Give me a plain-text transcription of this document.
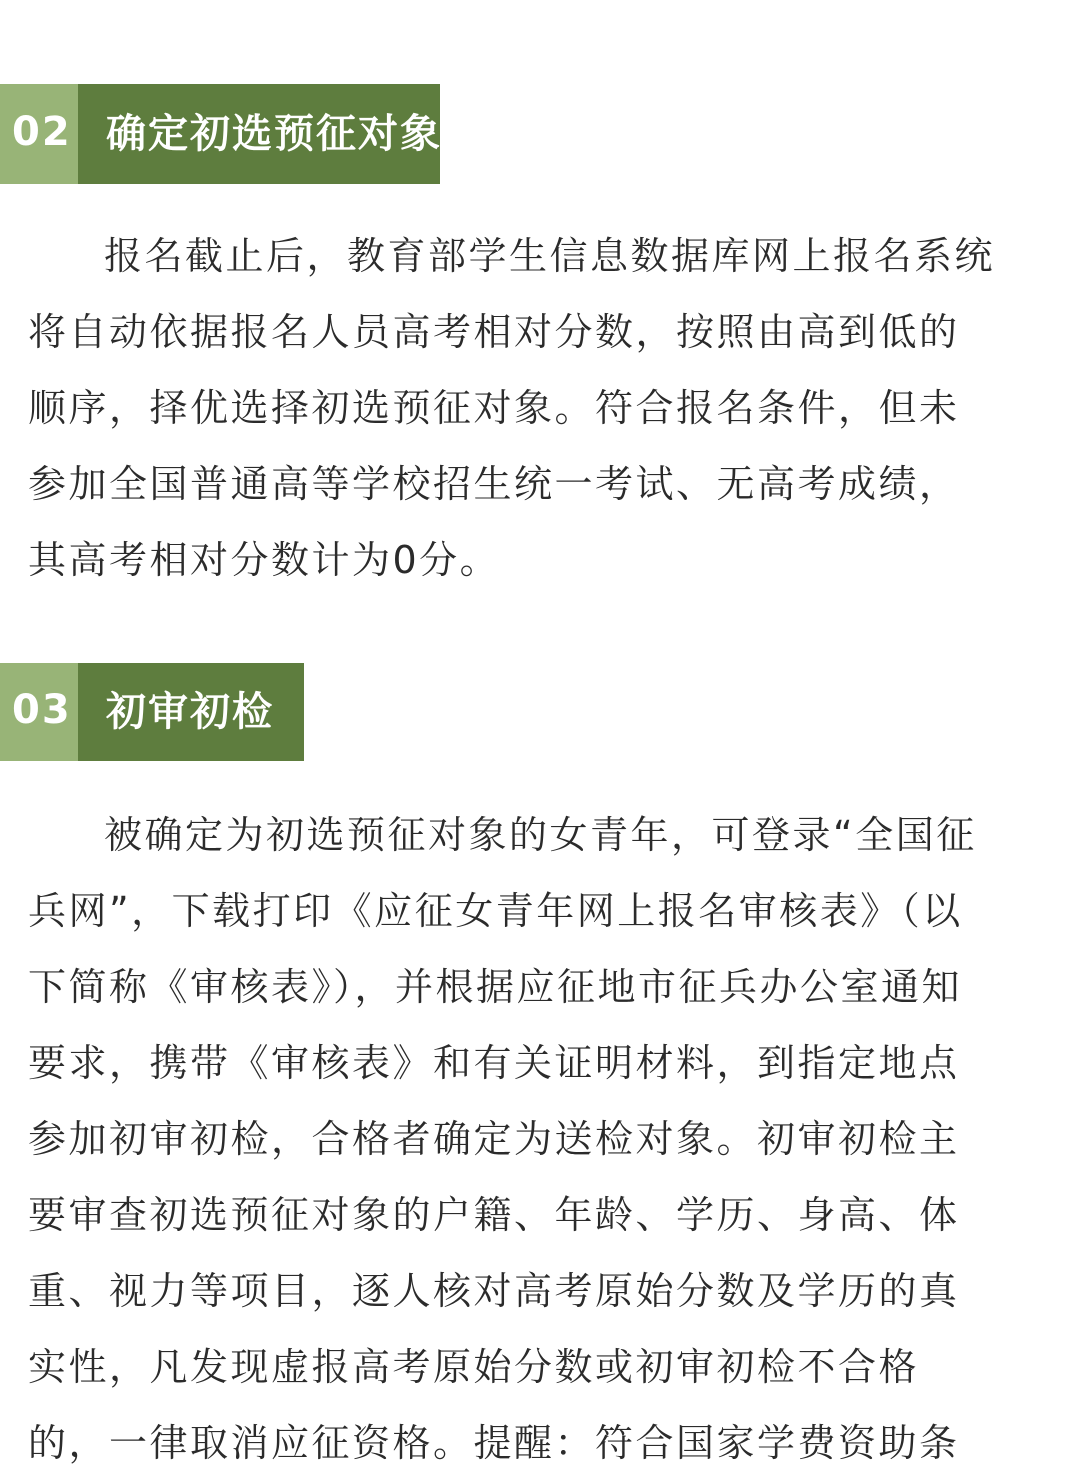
02 确定初选预征对象
报名截止后，教育部学生信息数据库网上报名系统
将自动依据报名人员高考相对分数，按照由高到低的
顺序，择优选择初选预征对象。符合报名条件，但未
参加全国普通高等学校招生统一考试、无高考成绩，
其高考相对分数计为0分。
03 初审初检
被确定为初选预征对象的女青年，可登录“全国征
兵网”，下载打印《应征女青年网上报名审核表》（以
下简称《审核表》），并根据应征地市征兵办公室通知
要求，携带《审核表》和有关证明材料，到指定地点
参加初审初检，合格者确定为送检对象。初审初检主
要审查初选预征对象的户籍、年龄、学历、身高、体
重、视力等项目，逐人核对高考原始分数及学历的真
实性，凡发现虚报高考原始分数或初审初检不合格
的，一律取消应征资格。提醒：符合国家学费资助条
